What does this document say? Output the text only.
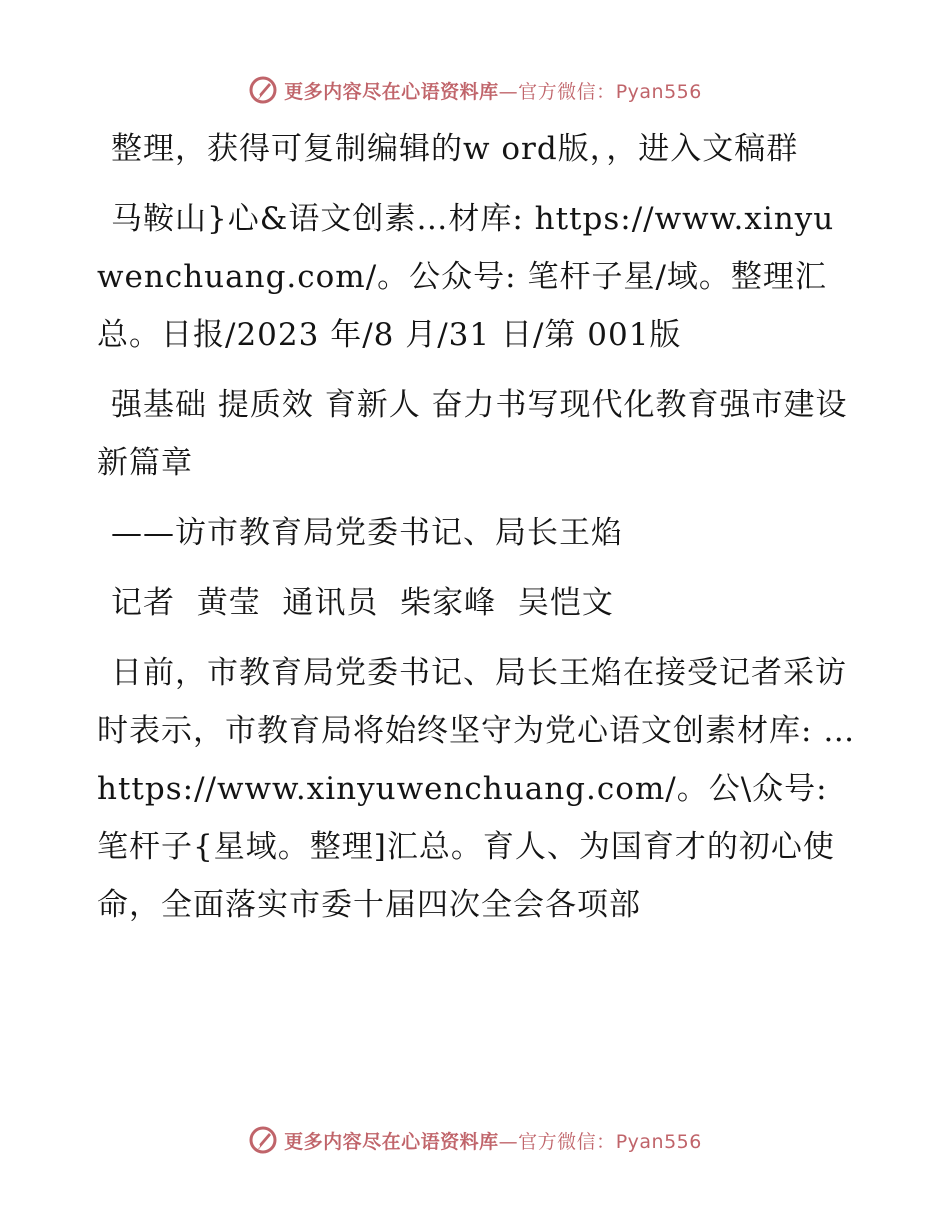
更多内容尽在心语资料库—官方微信：Pyan556

整理，获得可复制编辑的w ord版，，进入文稿群

马鞍山}心&语文创素…材库: https://www.xinyuwenchuang.com/。公众号: 笔杆子星/域。整理汇总。日报/2023 年/8 月/31 日/第 001版

强基础 提质效 育新人 奋力书写现代化教育强市建设新篇章

——访市教育局党委书记、局长王焰

记者  黄莹  通讯员  柴家峰  吴恺文

日前，市教育局党委书记、局长王焰在接受记者采访时表示，市教育局将始终坚守为党心语文创素材库: …https://www.xinyuwenchuang.com/。公\众号: 笔杆子{星域。整理]汇总。育人、为国育才的初心使命，全面落实市委十届四次全会各项部

更多内容尽在心语资料库—官方微信：Pyan556
